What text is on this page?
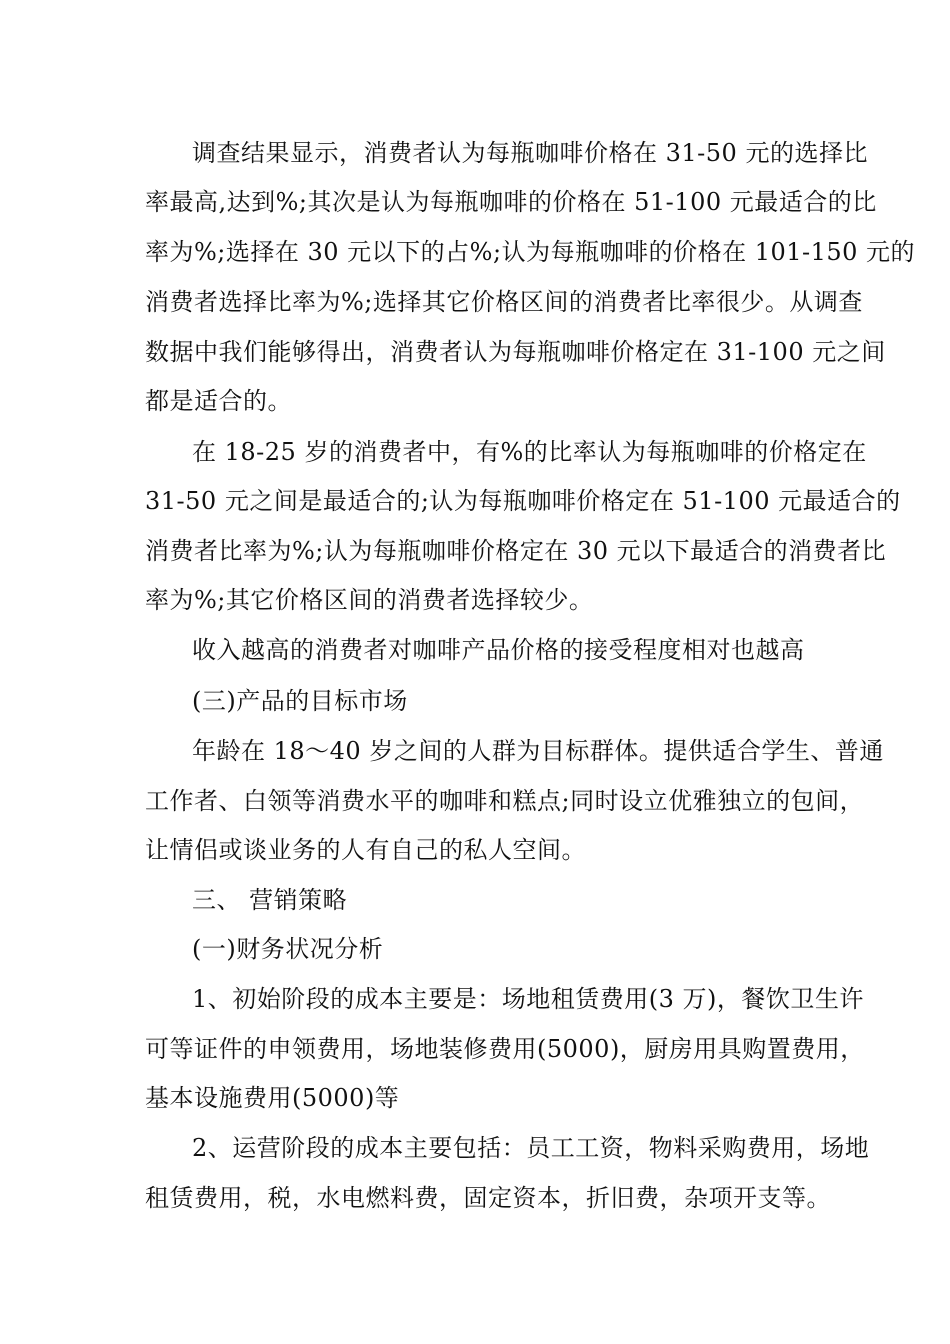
调查结果显示，消费者认为每瓶咖啡价格在 31-50 元的选择比
率最高,达到%;其次是认为每瓶咖啡的价格在 51-100 元最适合的比
率为%;选择在 30 元以下的占%;认为每瓶咖啡的价格在 101-150 元的
消费者选择比率为%;选择其它价格区间的消费者比率很少。从调查
数据中我们能够得出，消费者认为每瓶咖啡价格定在 31-100 元之间
都是适合的。
在 18-25 岁的消费者中，有%的比率认为每瓶咖啡的价格定在
31-50 元之间是最适合的;认为每瓶咖啡价格定在 51-100 元最适合的
消费者比率为%;认为每瓶咖啡价格定在 30 元以下最适合的消费者比
率为%;其它价格区间的消费者选择较少。
收入越高的消费者对咖啡产品价格的接受程度相对也越高
(三)产品的目标市场
年龄在 18～40 岁之间的人群为目标群体。提供适合学生、普通
工作者、白领等消费水平的咖啡和糕点;同时设立优雅独立的包间，
让情侣或谈业务的人有自己的私人空间。
三、 营销策略
(一)财务状况分析
1、初始阶段的成本主要是：场地租赁费用(3 万)，餐饮卫生许
可等证件的申领费用，场地装修费用(5000)，厨房用具购置费用，
基本设施费用(5000)等
2、运营阶段的成本主要包括：员工工资，物料采购费用，场地
租赁费用，税，水电燃料费，固定资本，折旧费，杂项开支等。
